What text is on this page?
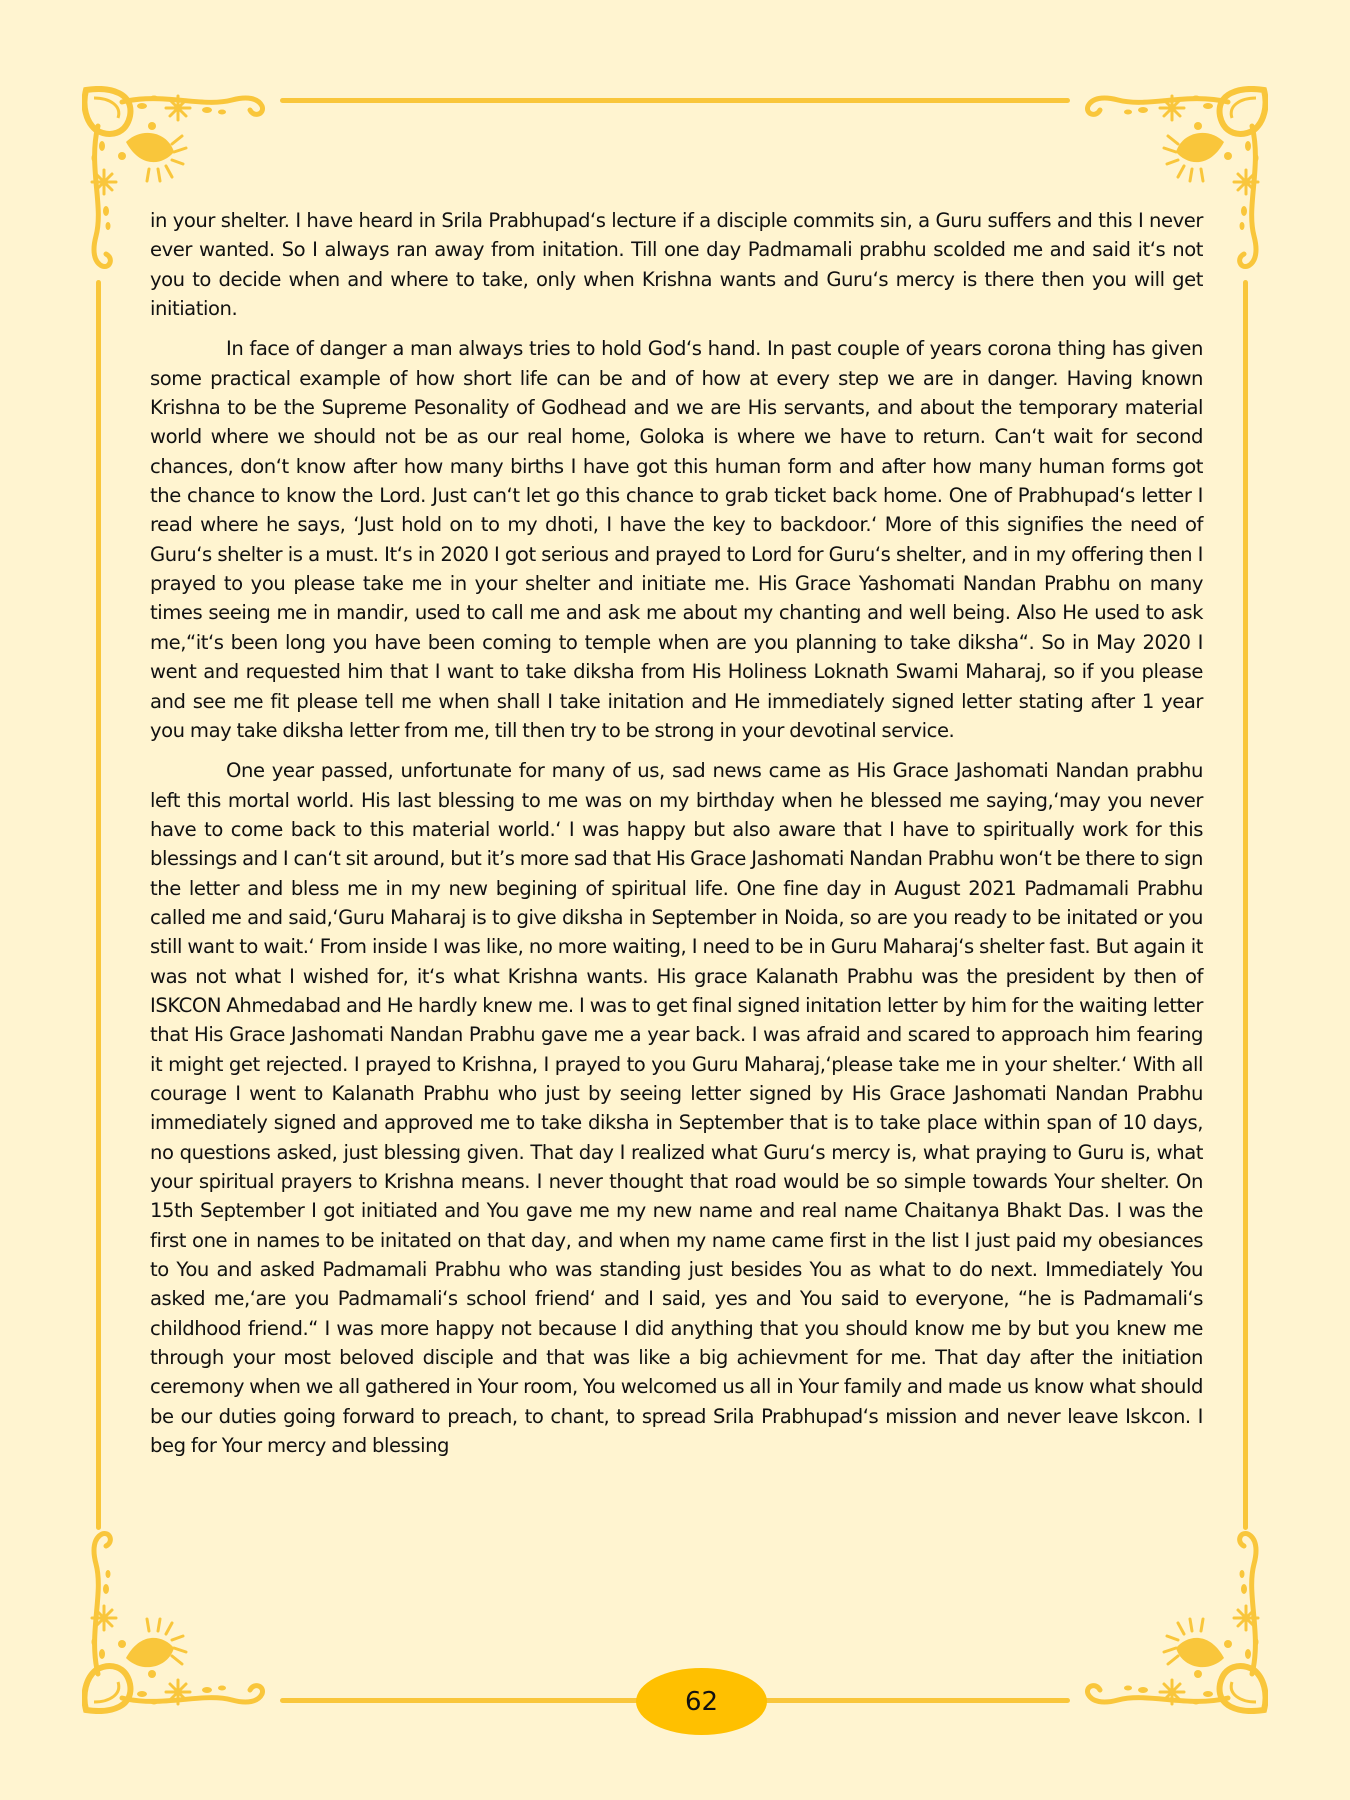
in your shelter. I have heard in Srila Prabhupad‘s lecture if a disciple commits sin, a Guru suffers and this I never ever wanted. So I always ran away from initation. Till one day Padmamali prabhu scolded me and said it‘s not you to decide when and where to take, only when Krishna wants and Guru‘s mercy is there then you will get initiation.

In face of danger a man always tries to hold God‘s hand. In past couple of years corona thing has given some practical example of how short life can be and of how at every step we are in danger. Having known Krishna to be the Supreme Pesonality of Godhead and we are His servants, and about the temporary material world where we should not be as our real home, Goloka is where we have to return. Can‘t wait for second chances, don‘t know after how many births I have got this human form and after how many human forms got the chance to know the Lord. Just can‘t let go this chance to grab ticket back home. One of Prabhupad‘s letter I read where he says, ‘Just hold on to my dhoti, I have the key to backdoor.‘ More of this signifies the need of Guru‘s shelter is a must. It‘s in 2020 I got serious and prayed to Lord for Guru‘s shelter, and in my offering then I prayed to you please take me in your shelter and initiate me. His Grace Yashomati Nandan Prabhu on many times seeing me in mandir, used to call me and ask me about my chanting and well being. Also He used to ask me,“it‘s been long you have been coming to temple when are you planning to take diksha“. So in May 2020 I went and requested him that I want to take diksha from His Holiness Loknath Swami Maharaj, so if you please and see me fit please tell me when shall I take initation and He immediately signed letter stating after 1 year you may take diksha letter from me, till then try to be strong in your devotinal service.

One year passed, unfortunate for many of us, sad news came as His Grace Jashomati Nandan prabhu left this mortal world. His last blessing to me was on my birthday when he blessed me saying,‘may you never have to come back to this material world.‘ I was happy but also aware that I have to spiritually work for this blessings and I can‘t sit around, but it’s more sad that His Grace Jashomati Nandan Prabhu won‘t be there to sign the letter and bless me in my new begining of spiritual life. One fine day in August 2021 Padmamali Prabhu called me and said,‘Guru Maharaj is to give diksha in September in Noida, so are you ready to be initated or you still want to wait.‘ From inside I was like, no more waiting, I need to be in Guru Maharaj‘s shelter fast. But again it was not what I wished for, it‘s what Krishna wants. His grace Kalanath Prabhu was the president by then of ISKCON Ahmedabad and He hardly knew me. I was to get final signed initation letter by him for the waiting letter that His Grace Jashomati Nandan Prabhu gave me a year back. I was afraid and scared to approach him fearing it might get rejected. I prayed to Krishna, I prayed to you Guru Maharaj,‘please take me in your shelter.‘ With all courage I went to Kalanath Prabhu who just by seeing letter signed by His Grace Jashomati Nandan Prabhu immediately signed and approved me to take diksha in September that is to take place within span of 10 days, no questions asked, just blessing given. That day I realized what Guru‘s mercy is, what praying to Guru is, what your spiritual prayers to Krishna means. I never thought that road would be so simple towards Your shelter. On 15th September I got initiated and You gave me my new name and real name Chaitanya Bhakt Das. I was the first one in names to be initated on that day, and when my name came first in the list I just paid my obesiances to You and asked Padmamali Prabhu who was standing just besides You as what to do next. Immediately You asked me,‘are you Padmamali‘s school friend‘ and I said, yes and You said to everyone, “he is Padmamali‘s childhood friend.“ I was more happy not because I did anything that you should know me by but you knew me through your most beloved disciple and that was like a big achievment for me. That day after the initiation ceremony when we all gathered in Your room, You welcomed us all in Your family and made us know what should be our duties going forward to preach, to chant, to spread Srila Prabhupad‘s mission and never leave Iskcon. I beg for Your mercy and blessing

62
